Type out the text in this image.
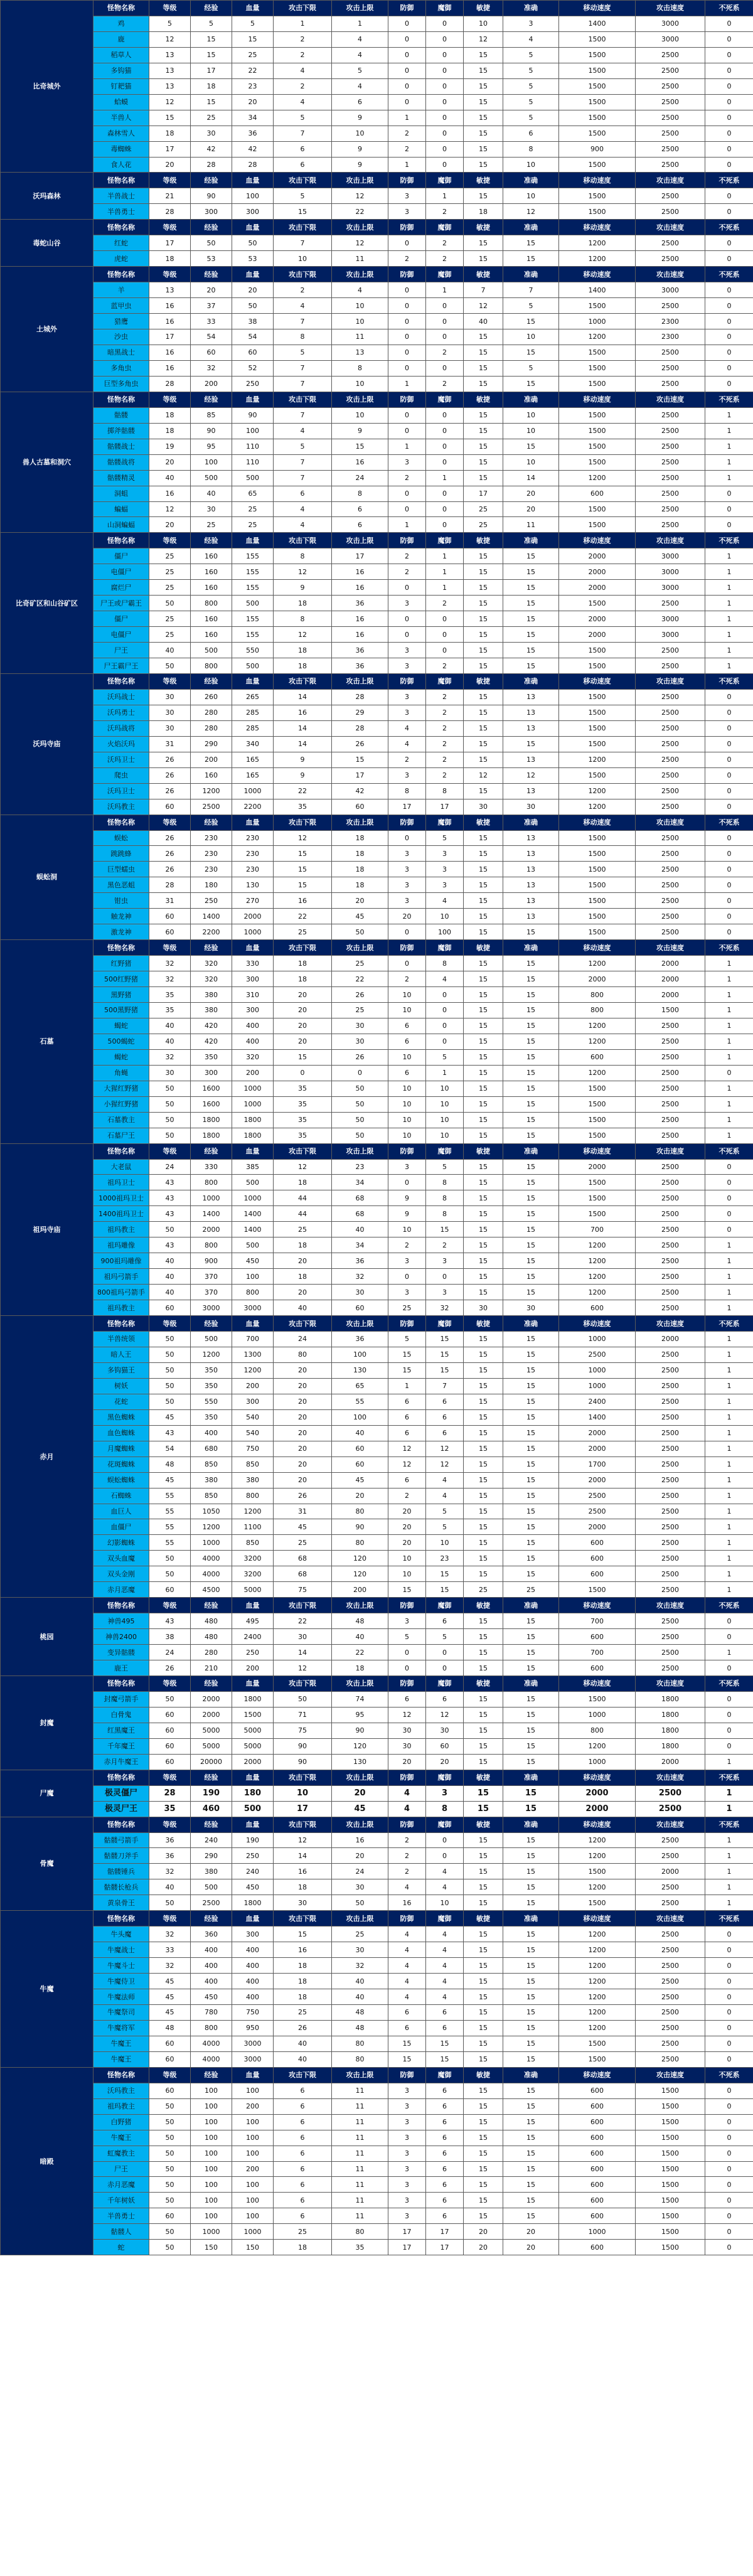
比奇城外	怪物名称	等级	经验	血量	攻击下限	攻击上限	防御	魔御	敏捷	准确	移动速度	攻击速度	不死系
	鸡	5	5	5	1	1	0	0	10	3	1400	3000	0
	鹿	12	15	15	2	4	0	0	12	4	1500	3000	0
	稻草人	13	15	25	2	4	0	0	15	5	1500	2500	0
	多钩猫	13	17	22	4	5	0	0	15	5	1500	2500	0
	钉耙猫	13	18	23	2	4	0	0	15	5	1500	2500	0
	蛤蟆	12	15	20	4	6	0	0	15	5	1500	2500	0
	半兽人	15	25	34	5	9	1	0	15	5	1500	2500	0
	森林雪人	18	30	36	7	10	2	0	15	6	1500	2500	0
	毒蜘蛛	17	42	42	6	9	2	0	15	8	900	2500	0
	食人花	20	28	28	6	9	1	0	15	10	1500	2500	0
沃玛森林	怪物名称	等级	经验	血量	攻击下限	攻击上限	防御	魔御	敏捷	准确	移动速度	攻击速度	不死系
	半兽战士	21	90	100	5	12	3	1	15	10	1500	2500	0
	半兽勇士	28	300	300	15	22	3	2	18	12	1500	2500	0
毒蛇山谷	怪物名称	等级	经验	血量	攻击下限	攻击上限	防御	魔御	敏捷	准确	移动速度	攻击速度	不死系
	红蛇	17	50	50	7	12	0	2	15	15	1200	2500	0
	虎蛇	18	53	53	10	11	2	2	15	15	1200	2500	0
土城外	怪物名称	等级	经验	血量	攻击下限	攻击上限	防御	魔御	敏捷	准确	移动速度	攻击速度	不死系
	羊	13	20	20	2	4	0	1	7	7	1400	3000	0
	蓝甲虫	16	37	50	4	10	0	0	12	5	1500	2500	0
	猎鹰	16	33	38	7	10	0	0	40	15	1000	2300	0
	沙虫	17	54	54	8	11	0	0	15	10	1200	2300	0
	暗黑战士	16	60	60	5	13	0	2	15	15	1500	2500	0
	多角虫	16	32	52	7	8	0	0	15	5	1500	2500	0
	巨型多角虫	28	200	250	7	10	1	2	15	15	1500	2500	0
兽人古墓和洞穴	怪物名称	等级	经验	血量	攻击下限	攻击上限	防御	魔御	敏捷	准确	移动速度	攻击速度	不死系
	骷髅	18	85	90	7	10	0	0	15	10	1500	2500	1
	掷斧骷髅	18	90	100	4	9	0	0	15	10	1500	2500	1
	骷髅战士	19	95	110	5	15	1	0	15	15	1500	2500	1
	骷髅战将	20	100	110	7	16	3	0	15	10	1500	2500	1
	骷髅精灵	40	500	500	7	24	2	1	15	14	1200	2500	1
	洞蛆	16	40	65	6	8	0	0	17	20	600	2500	0
	蝙蝠	12	30	25	4	6	0	0	25	20	1500	2500	0
	山洞蝙蝠	20	25	25	4	6	1	0	25	11	1500	2500	0
比奇矿区和山谷矿区	怪物名称	等级	经验	血量	攻击下限	攻击上限	防御	魔御	敏捷	准确	移动速度	攻击速度	不死系
	僵尸	25	160	155	8	17	2	1	15	15	2000	3000	1
	电僵尸	25	160	155	12	16	2	1	15	15	2000	3000	1
	腐烂尸	25	160	155	9	16	0	1	15	15	2000	3000	1
	尸王或尸霸王	50	800	500	18	36	3	2	15	15	1500	2500	1
	僵尸	25	160	155	8	16	0	0	15	15	2000	3000	1
	电僵尸	25	160	155	12	16	0	0	15	15	2000	3000	1
	尸王	40	500	550	18	36	3	0	15	15	1500	2500	1
	尸王霸尸王	50	800	500	18	36	3	2	15	15	1500	2500	1
沃玛寺庙	怪物名称	等级	经验	血量	攻击下限	攻击上限	防御	魔御	敏捷	准确	移动速度	攻击速度	不死系
	沃玛战士	30	260	265	14	28	3	2	15	13	1500	2500	0
	沃玛勇士	30	280	285	16	29	3	2	15	13	1500	2500	0
	沃玛战将	30	280	285	14	28	4	2	15	13	1500	2500	0
	火焰沃玛	31	290	340	14	26	4	2	15	15	1500	2500	0
	沃玛卫士	26	200	165	9	15	2	2	15	13	1200	2500	0
	爬虫	26	160	165	9	17	3	2	12	12	1500	2500	0
	沃玛卫士	26	1200	1000	22	42	8	8	15	13	1200	2500	0
	沃玛教主	60	2500	2200	35	60	17	17	30	30	1200	2500	0
蜈蚣洞	怪物名称	等级	经验	血量	攻击下限	攻击上限	防御	魔御	敏捷	准确	移动速度	攻击速度	不死系
	蜈蚣	26	230	230	12	18	0	5	15	13	1500	2500	0
	跳跳蜂	26	230	230	15	18	3	3	15	13	1500	2500	0
	巨型蠕虫	26	230	230	15	18	3	3	15	13	1500	2500	0
	黑色恶蛆	28	180	130	15	18	3	3	15	13	1500	2500	0
	钳虫	31	250	270	16	20	3	4	15	13	1500	2500	0
	触龙神	60	1400	2000	22	45	20	10	15	13	1500	2500	0
	激龙神	60	2200	1000	25	50	0	100	15	15	1500	2500	0
石墓	怪物名称	等级	经验	血量	攻击下限	攻击上限	防御	魔御	敏捷	准确	移动速度	攻击速度	不死系
	红野猪	32	320	330	18	25	0	8	15	15	1200	2000	1
	500红野猪	32	320	300	18	22	2	4	15	15	2000	2000	1
	黑野猪	35	380	310	20	26	10	0	15	15	800	2000	1
	500黑野猪	35	380	300	20	25	10	0	15	15	800	1500	1
	蝎蛇	40	420	400	20	30	6	0	15	15	1200	2500	1
	500蝎蛇	40	420	400	20	30	6	0	15	15	1200	2500	1
	蝎蛇	32	350	320	15	26	10	5	15	15	600	2500	1
	角蝇	30	300	200	0	0	6	1	15	15	1200	2500	0
	大猩红野猪	50	1600	1000	35	50	10	10	15	15	1500	2500	1
	小猩红野猪	50	1600	1000	35	50	10	10	15	15	1500	2500	1
	石墓教主	50	1800	1800	35	50	10	10	15	15	1500	2500	1
	石墓尸王	50	1800	1800	35	50	10	10	15	15	1500	2500	1
祖玛寺庙	怪物名称	等级	经验	血量	攻击下限	攻击上限	防御	魔御	敏捷	准确	移动速度	攻击速度	不死系
	大老鼠	24	330	385	12	23	3	5	15	15	2000	2500	0
	祖玛卫士	43	800	500	18	34	0	8	15	15	1500	2500	0
	1000祖玛卫士	43	1000	1000	44	68	9	8	15	15	1500	2500	0
	1400祖玛卫士	43	1400	1400	44	68	9	8	15	15	1500	2500	0
	祖玛教主	50	2000	1400	25	40	10	15	15	15	700	2500	0
	祖玛雕像	43	800	500	18	34	2	2	15	15	1200	2500	1
	900祖玛雕像	40	900	450	20	36	3	3	15	15	1200	2500	1
	祖玛弓箭手	40	370	100	18	32	0	0	15	15	1200	2500	1
	800祖玛弓箭手	40	370	800	20	30	3	3	15	15	1200	2500	1
	祖玛教主	60	3000	3000	40	60	25	32	30	30	600	2500	1
赤月	怪物名称	等级	经验	血量	攻击下限	攻击上限	防御	魔御	敏捷	准确	移动速度	攻击速度	不死系
	半兽统领	50	500	700	24	36	5	15	15	15	1000	2000	1
	暗人王	50	1200	1300	80	100	15	15	15	15	2500	2500	1
	多钩猫王	50	350	1200	20	130	15	15	15	15	1000	2500	1
	树妖	50	350	200	20	65	1	7	15	15	1000	2500	1
	花蛇	50	550	300	20	55	6	6	15	15	2400	2500	1
	黑色蜘蛛	45	350	540	20	100	6	6	15	15	1400	2500	1
	血色蜘蛛	43	400	540	20	40	6	6	15	15	2000	2500	1
	月魔蜘蛛	54	680	750	20	60	12	12	15	15	2000	2500	1
	花斑蜘蛛	48	850	850	20	60	12	12	15	15	1700	2500	1
	蜈蚣蜘蛛	45	380	380	20	45	6	4	15	15	2000	2500	1
	石蜘蛛	55	850	800	26	20	2	4	15	15	2500	2500	1
	血巨人	55	1050	1200	31	80	20	5	15	15	2500	2500	1
	血僵尸	55	1200	1100	45	90	20	5	15	15	2000	2500	1
	幻影蜘蛛	55	1000	850	25	80	20	10	15	15	600	2500	1
	双头血魔	50	4000	3200	68	120	10	23	15	15	600	2500	1
	双头金刚	50	4000	3200	68	120	10	15	15	15	600	2500	1
	赤月恶魔	60	4500	5000	75	200	15	15	25	25	1500	2500	1
桃园	怪物名称	等级	经验	血量	攻击下限	攻击上限	防御	魔御	敏捷	准确	移动速度	攻击速度	不死系
	神兽495	43	480	495	22	48	3	6	15	15	700	2500	0
	神兽2400	38	480	2400	30	40	5	5	15	15	600	2500	0
	变异骷髅	24	280	250	14	22	0	0	15	15	700	2500	1
	鹿王	26	210	200	12	18	0	0	15	15	600	2500	0
封魔	怪物名称	等级	经验	血量	攻击下限	攻击上限	防御	魔御	敏捷	准确	移动速度	攻击速度	不死系
	封魔弓箭手	50	2000	1800	50	74	6	6	15	15	1500	1800	0
	白骨鬼	60	2000	1500	71	95	12	12	15	15	1000	1800	0
	红黑魔王	60	5000	5000	75	90	30	30	15	15	800	1800	0
	千年魔王	60	5000	5000	90	120	30	60	15	15	1200	1800	0
	赤月牛魔王	60	20000	2000	90	130	20	20	15	15	1000	2000	1
尸魔	怪物名称	等级	经验	血量	攻击下限	攻击上限	防御	魔御	敏捷	准确	移动速度	攻击速度	不死系
	极灵僵尸	28	190	180	10	20	4	3	15	15	2000	2500	1
	极灵尸王	35	460	500	17	45	4	8	15	15	2000	2500	1
骨魔	怪物名称	等级	经验	血量	攻击下限	攻击上限	防御	魔御	敏捷	准确	移动速度	攻击速度	不死系
	骷髅弓箭手	36	240	190	12	16	2	0	15	15	1200	2500	1
	骷髅刀斧手	36	290	250	14	20	2	0	15	15	1200	2500	1
	骷髅锤兵	32	380	240	16	24	2	4	15	15	1500	2000	1
	骷髅长枪兵	40	500	450	18	30	4	4	15	15	1200	2500	1
	黄泉骨王	50	2500	1800	30	50	16	10	15	15	1500	2500	1
牛魔	怪物名称	等级	经验	血量	攻击下限	攻击上限	防御	魔御	敏捷	准确	移动速度	攻击速度	不死系
	牛头魔	32	360	300	15	25	4	4	15	15	1200	2500	0
	牛魔战士	33	400	400	16	30	4	4	15	15	1200	2500	0
	牛魔斗士	32	400	400	18	32	4	4	15	15	1200	2500	0
	牛魔侍卫	45	400	400	18	40	4	4	15	15	1200	2500	0
	牛魔法师	45	450	400	18	40	4	4	15	15	1200	2500	0
	牛魔祭司	45	780	750	25	48	6	6	15	15	1200	2500	0
	牛魔将军	48	800	950	26	48	6	6	15	15	1200	2500	0
	牛魔王	60	4000	3000	40	80	15	15	15	15	1500	2500	0
	牛魔王	60	4000	3000	40	80	15	15	15	15	1500	2500	0
暗殿	怪物名称	等级	经验	血量	攻击下限	攻击上限	防御	魔御	敏捷	准确	移动速度	攻击速度	不死系
	沃玛教主	60	100	100	6	11	3	6	15	15	600	1500	0
	祖玛教主	50	100	200	6	11	3	6	15	15	600	1500	0
	白野猪	50	100	100	6	11	3	6	15	15	600	1500	0
	牛魔王	50	100	100	6	11	3	6	15	15	600	1500	0
	虹魔教主	50	100	100	6	11	3	6	15	15	600	1500	0
	尸王	50	100	200	6	11	3	6	15	15	600	1500	0
	赤月恶魔	50	100	100	6	11	3	6	15	15	600	1500	0
	千年树妖	50	100	100	6	11	3	6	15	15	600	1500	0
	半兽勇士	60	100	100	6	11	3	6	15	15	600	1500	0
	骷髅人	50	1000	1000	25	80	17	17	20	20	1000	1500	0
	蛇	50	150	150	18	35	17	17	20	20	600	1500	0
